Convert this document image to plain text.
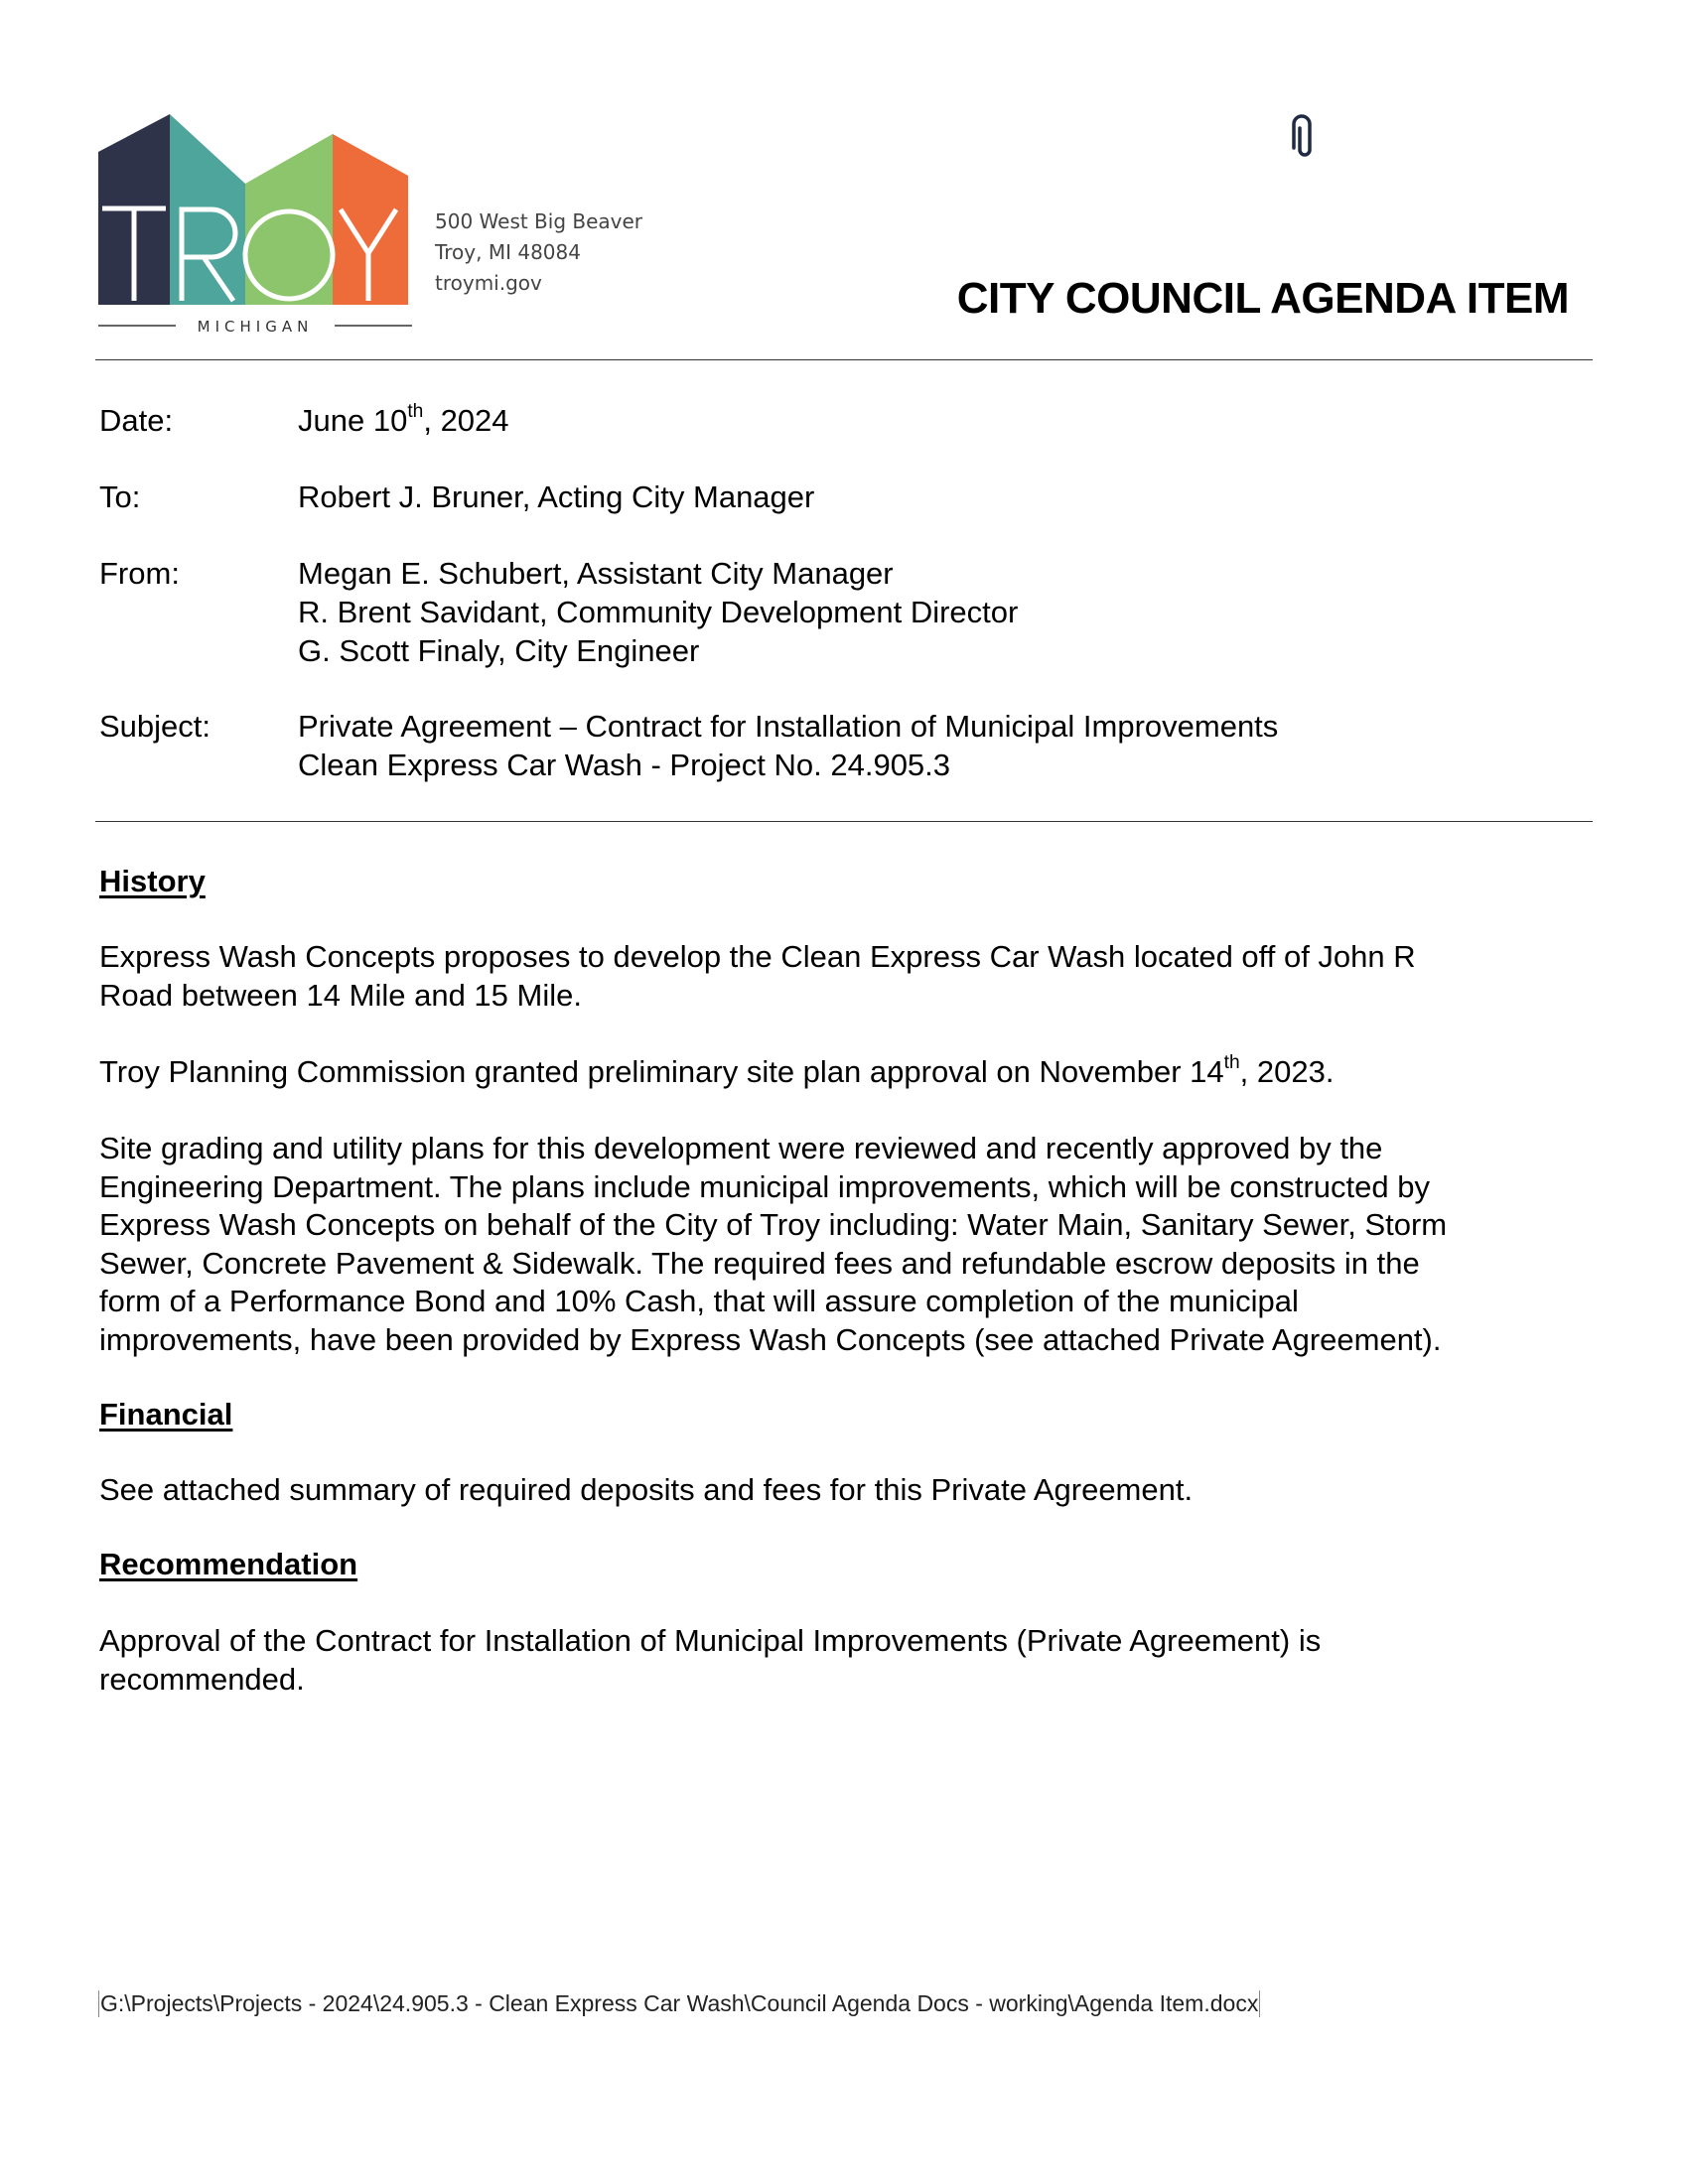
MICHIGAN
500 West Big Beaver
Troy, MI 48084
troymi.gov	CITY COUNCIL AGENDA ITEM
Date:	June 10th, 2024
To:	Robert J. Bruner, Acting City Manager
From:	Megan E. Schubert, Assistant City Manager
R. Brent Savidant, Community Development Director
G. Scott Finaly, City Engineer
Subject:	Private Agreement – Contract for Installation of Municipal Improvements
Clean Express Car Wash - Project No. 24.905.3
History
Express Wash Concepts proposes to develop the Clean Express Car Wash located off of John R
Road between 14 Mile and 15 Mile.
Troy Planning Commission granted preliminary site plan approval on November 14th, 2023.
Site grading and utility plans for this development were reviewed and recently approved by the
Engineering Department. The plans include municipal improvements, which will be constructed by
Express Wash Concepts on behalf of the City of Troy including: Water Main, Sanitary Sewer, Storm
Sewer, Concrete Pavement & Sidewalk. The required fees and refundable escrow deposits in the
form of a Performance Bond and 10% Cash, that will assure completion of the municipal
improvements, have been provided by Express Wash Concepts (see attached Private Agreement).
Financial
See attached summary of required deposits and fees for this Private Agreement.
Recommendation
Approval of the Contract for Installation of Municipal Improvements (Private Agreement) is
recommended.
G:\Projects\Projects - 2024\24.905.3 - Clean Express Car Wash\Council Agenda Docs - working\Agenda Item.docx
